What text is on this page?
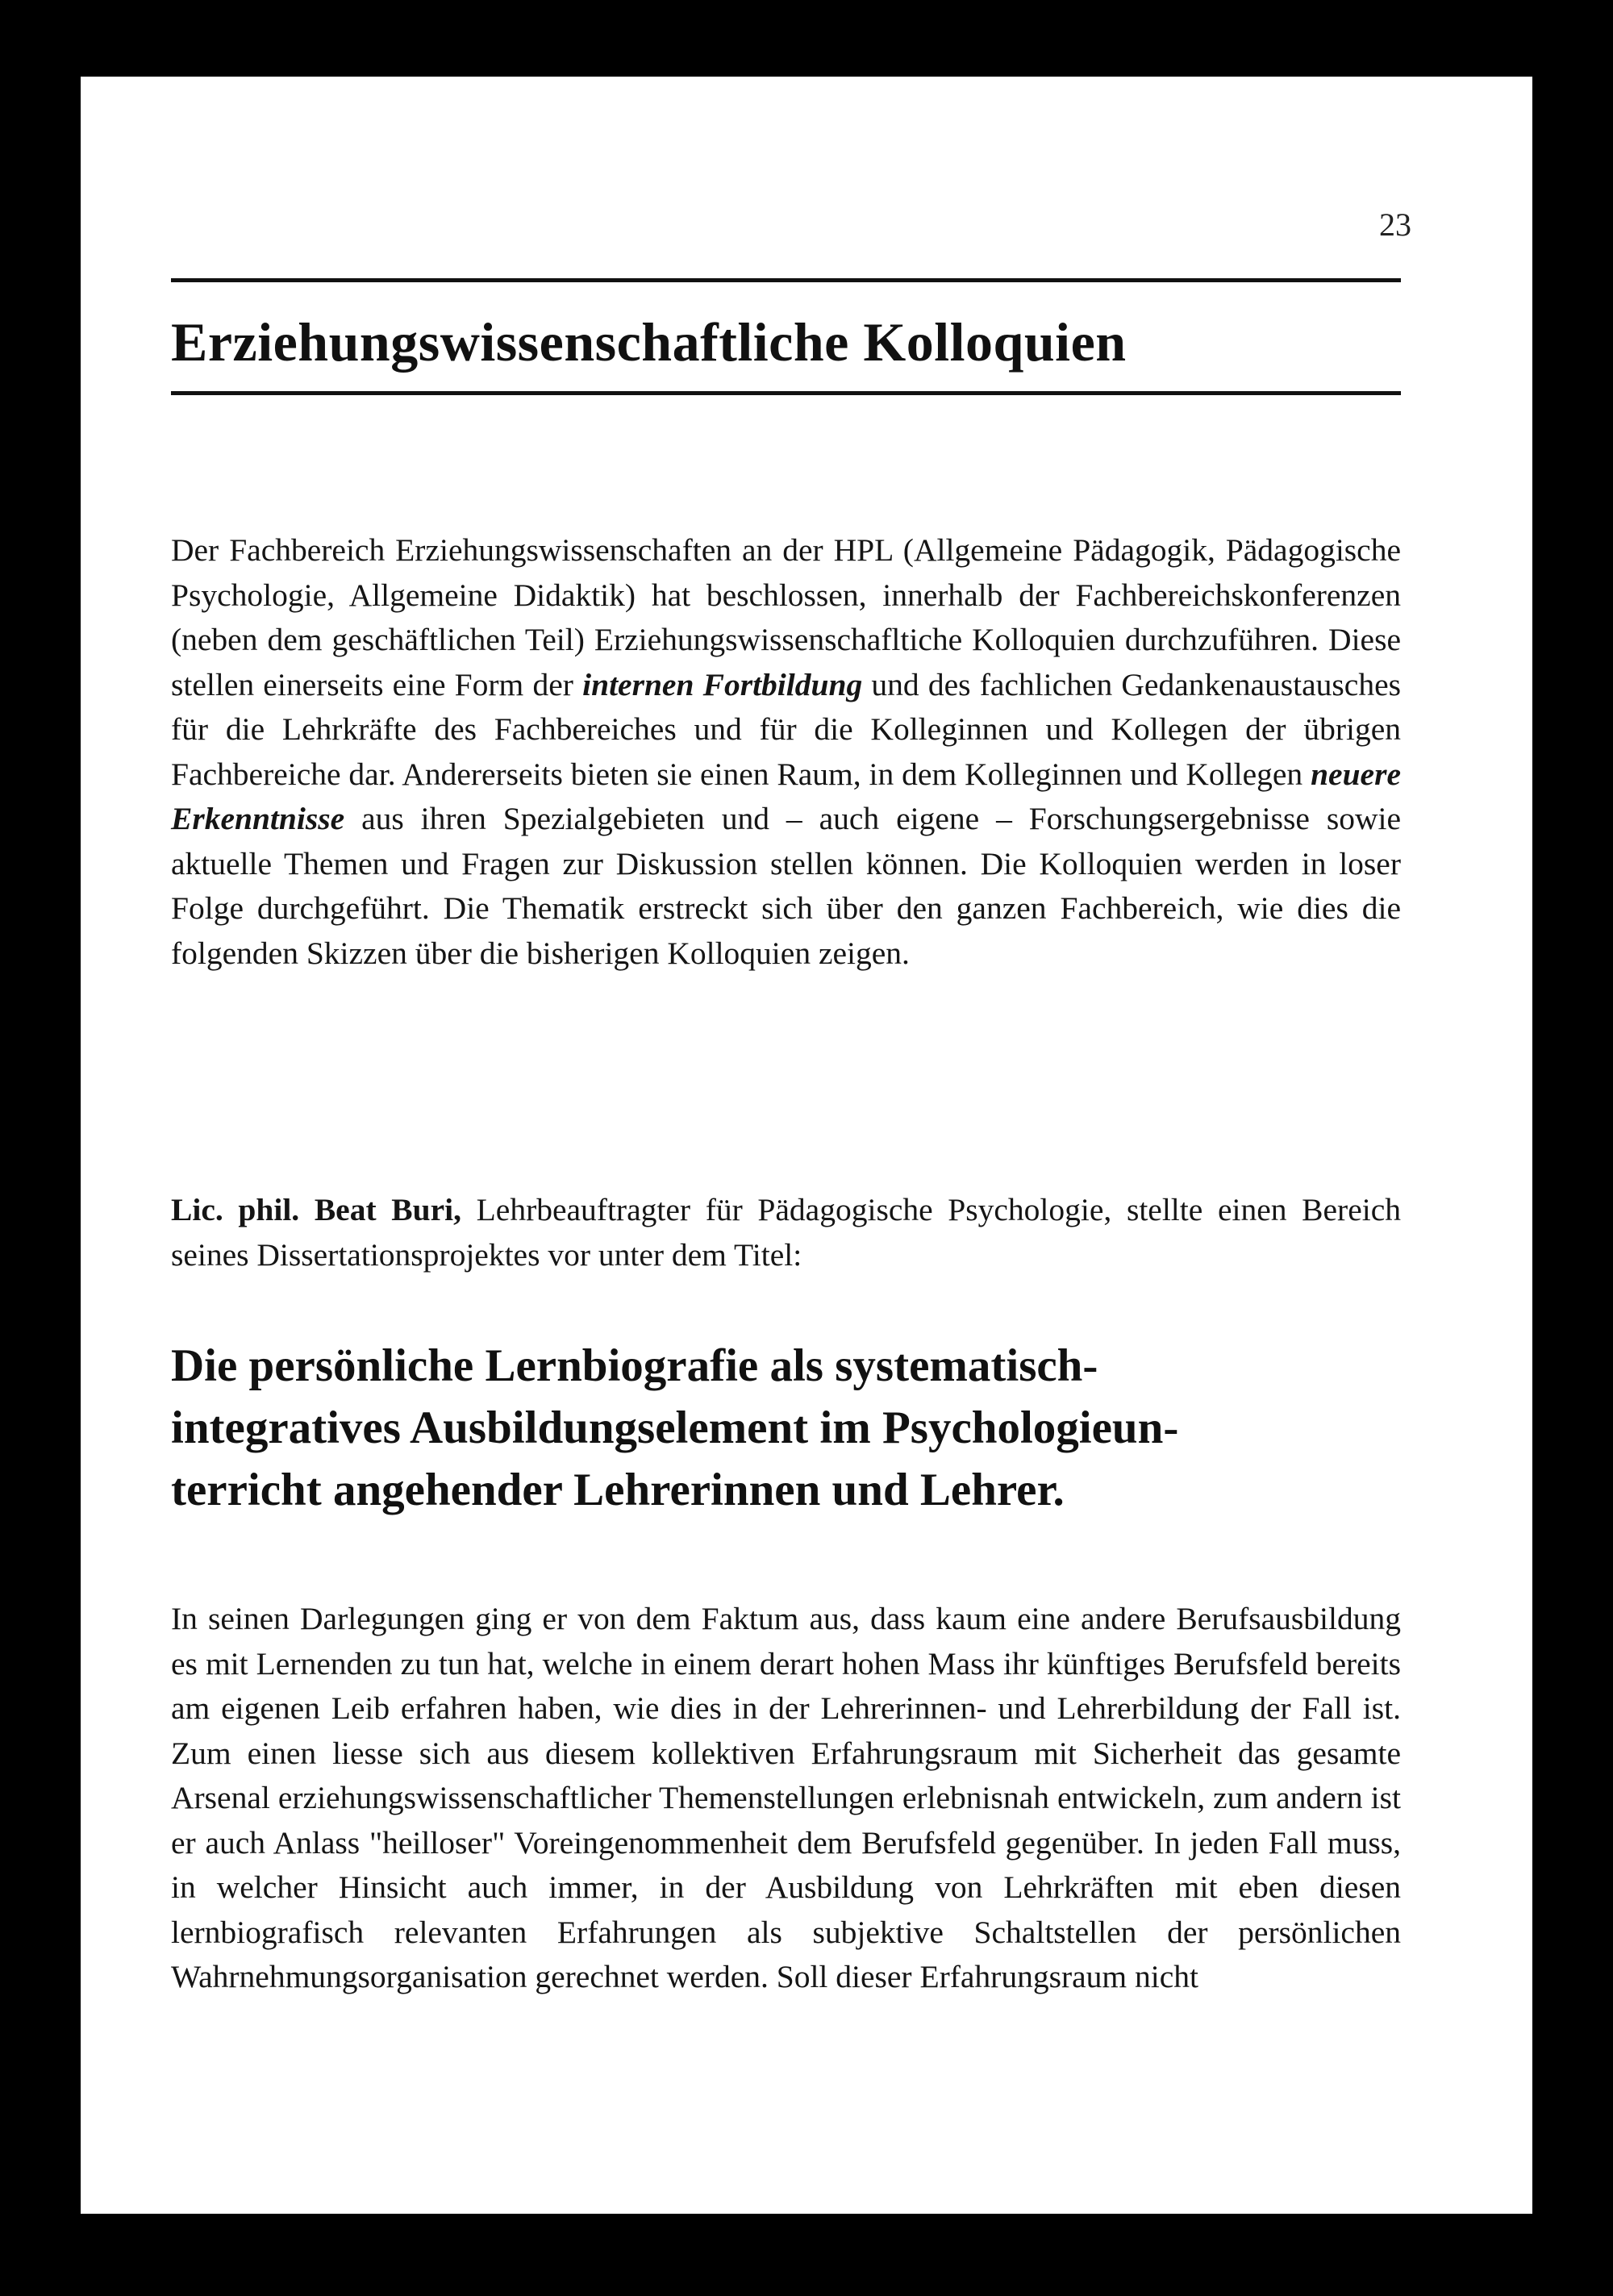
23
Erziehungswissenschaftliche Kolloquien

Der Fachbereich Erziehungswissenschaften an der HPL (Allgemeine Pädagogik, Pädagogische Psychologie, Allgemeine Didaktik) hat beschlossen, innerhalb der Fachbereichskonferenzen (neben dem geschäftlichen Teil) Erziehungswissenschafltiche Kolloquien durchzuführen. Diese stellen einerseits eine Form der internen Fortbildung und des fachlichen Gedankenaustausches für die Lehrkräfte des Fachbereiches und für die Kolleginnen und Kollegen der übrigen Fachbereiche dar. Andererseits bieten sie einen Raum, in dem Kolleginnen und Kollegen neuere Erkenntnisse aus ihren Spezialgebieten und – auch eigene – Forschungsergebnisse sowie aktuelle Themen und Fragen zur Diskussion stellen können. Die Kolloquien werden in loser Folge durchgeführt. Die Thematik erstreckt sich über den ganzen Fachbereich, wie dies die folgenden Skizzen über die bisherigen Kolloquien zeigen.

Lic. phil. Beat Buri, Lehrbeauftragter für Pädagogische Psychologie, stellte einen Bereich seines Dissertationsprojektes vor unter dem Titel:

Die persönliche Lernbiografie als systematisch-
integratives Ausbildungselement im Psychologieun-
terricht angehender Lehrerinnen und Lehrer.

In seinen Darlegungen ging er von dem Faktum aus, dass kaum eine andere Berufsausbildung es mit Lernenden zu tun hat, welche in einem derart hohen Mass ihr künftiges Berufsfeld bereits am eigenen Leib erfahren haben, wie dies in der Lehrerinnen- und Lehrerbildung der Fall ist. Zum einen liesse sich aus diesem kollektiven Erfahrungsraum mit Sicherheit das gesamte Arsenal erziehungswissenschaftlicher Themenstellungen erlebnisnah entwickeln, zum andern ist er auch Anlass "heilloser" Voreingenommenheit dem Berufsfeld gegenüber. In jeden Fall muss, in welcher Hinsicht auch immer, in der Ausbildung von Lehrkräften mit eben diesen lernbiografisch relevanten Erfahrungen als subjektive Schaltstellen der persönlichen Wahrnehmungsorganisation gerechnet werden. Soll dieser Erfahrungsraum nicht
